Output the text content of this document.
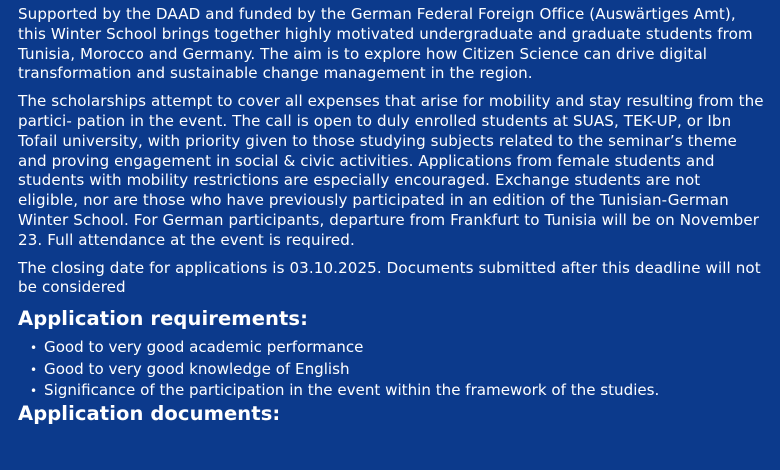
Supported by the DAAD and funded by the German Federal Foreign Office (Auswärtiges Amt), this Winter School brings together highly motivated undergraduate and graduate students from Tunisia, Morocco and Germany. The aim is to explore how Citizen Science can drive digital transformation and sustainable change management in the region.

The scholarships attempt to cover all expenses that arise for mobility and stay resulting from the partici- pation in the event. The call is open to duly enrolled students at SUAS, TEK-UP, or Ibn Tofail university, with priority given to those studying subjects related to the seminar’s theme and proving engagement in social & civic activities. Applications from female students and students with mobility restrictions are especially encouraged. Exchange students are not eligible, nor are those who have previously participated in an edition of the Tunisian-German Winter School. For German participants, departure from Frankfurt to Tunisia will be on November 23. Full attendance at the event is required.

The closing date for applications is 03.10.2025. Documents submitted after this deadline will not be considered

Application requirements:
• Good to very good academic performance
• Good to very good knowledge of English
• Significance of the participation in the event within the framework of the studies.
Application documents:
